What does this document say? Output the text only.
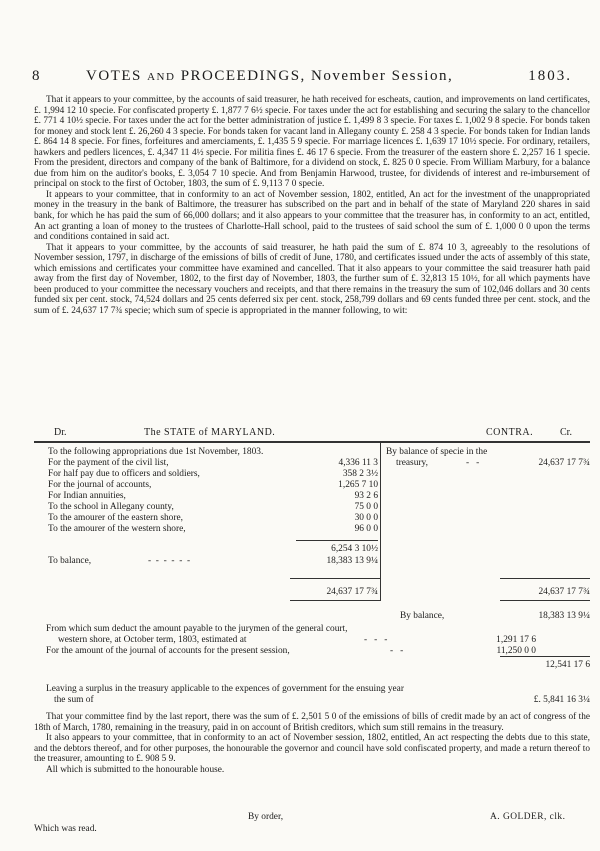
8	VOTES AND PROCEEDINGS, November Session,	1803.

That it appears to your committee, by the accounts of said treasurer, he hath received for escheats, caution, and improvements on land certificates, £. 1,994 12 10 specie. For confiscated property £. 1,877 7 6½ specie. For taxes under the act for establishing and securing the salary to the chancellor £. 771 4 10½ specie. For taxes under the act for the better administration of justice £. 1,499 8 3 specie. For taxes £. 1,002 9 8 specie. For bonds taken for money and stock lent £. 26,260 4 3 specie. For bonds taken for vacant land in Allegany county £. 258 4 3 specie. For bonds taken for Indian lands £. 864 14 8 specie. For fines, forfeitures and amerciaments, £. 1,435 5 9 specie. For marriage licences £. 1,639 17 10½ specie. For ordinary, retailers, hawkers and pedlers licences, £. 4,347 11 4½ specie. For militia fines £. 46 17 6 specie. From the treasurer of the eastern shore £. 2,257 16 1 specie. From the president, directors and company of the bank of Baltimore, for a dividend on stock, £. 825 0 0 specie. From William Marbury, for a balance due from him on the auditor's books, £. 3,054 7 10 specie. And from Benjamin Harwood, trustee, for dividends of interest and re-imbursement of principal on stock to the first of October, 1803, the sum of £. 9,113 7 0 specie.

It appears to your committee, that in conformity to an act of November session, 1802, entitled, An act for the investment of the unappropriated money in the treasury in the bank of Baltimore, the treasurer has subscribed on the part and in behalf of the state of Maryland 220 shares in said bank, for which he has paid the sum of 66,000 dollars; and it also appears to your committee that the treasurer has, in conformity to an act, entitled, An act granting a loan of money to the trustees of Charlotte-Hall school, paid to the trustees of said school the sum of £. 1,000 0 0 upon the terms and conditions contained in said act.

That it appears to your committee, by the accounts of said treasurer, he hath paid the sum of £. 874 10 3, agreeably to the resolutions of November session, 1797, in discharge of the emissions of bills of credit of June, 1780, and certificates issued under the acts of assembly of this state, which emissions and certificates your committee have examined and cancelled. That it also appears to your committee the said treasurer hath paid away from the first day of November, 1802, to the first day of November, 1803, the further sum of £. 32,813 15 10½, for all which payments have been produced to your committee the necessary vouchers and receipts, and that there remains in the treasury the sum of 102,046 dollars and 30 cents funded six per cent. stock, 74,524 dollars and 25 cents deferred six per cent. stock, 258,799 dollars and 69 cents funded three per cent. stock, and the sum of £. 24,637 17 7¾ specie; which sum of specie is appropriated in the manner following, to wit:

Dr.	The STATE of MARYLAND.	CONTRA.	Cr.
To the following appropriations due 1st November, 1803.
For the payment of the civil list,	4,336 11 3
For half pay due to officers and soldiers,	358 2 3½
For the journal of accounts,	1,265 7 10
For Indian annuities,	93 2 6
To the school in Allegany county,	75 0 0
To the amourer of the eastern shore,	30 0 0
To the amourer of the western shore,	96 0 0
6,254 3 10½
To balance,	-  -  -  -  -  -	18,383 13 9¼
24,637 17 7¾
By balance of specie in the
treasury,	-   -	24,637 17 7¾
24,637 17 7¾
By balance,	18,383 13 9¼
From which sum deduct the amount payable to the jurymen of the general court,
western shore, at October term, 1803, estimated at	-   -   -	1,291 17 6
For the amount of the journal of accounts for the present session,	-   -	11,250 0 0
12,541 17 6
Leaving a surplus in the treasury applicable to the expences of government for the ensuing year
the sum of	£. 5,841 16 3¼

That your committee find by the last report, there was the sum of £. 2,501 5 0 of the emissions of bills of credit made by an act of congress of the 18th of March, 1780, remaining in the treasury, paid in on account of British creditors, which sum still remains in the treasury.

It also appears to your committee, that in conformity to an act of November session, 1802, entitled, An act respecting the debts due to this state, and the debtors thereof, and for other purposes, the honourable the governor and council have sold confiscated property, and made a return thereof to the treasurer, amounting to £. 908 5 9.

All which is submitted to the honourable house.

By order,	A. GOLDER, clk.
Which was read.
